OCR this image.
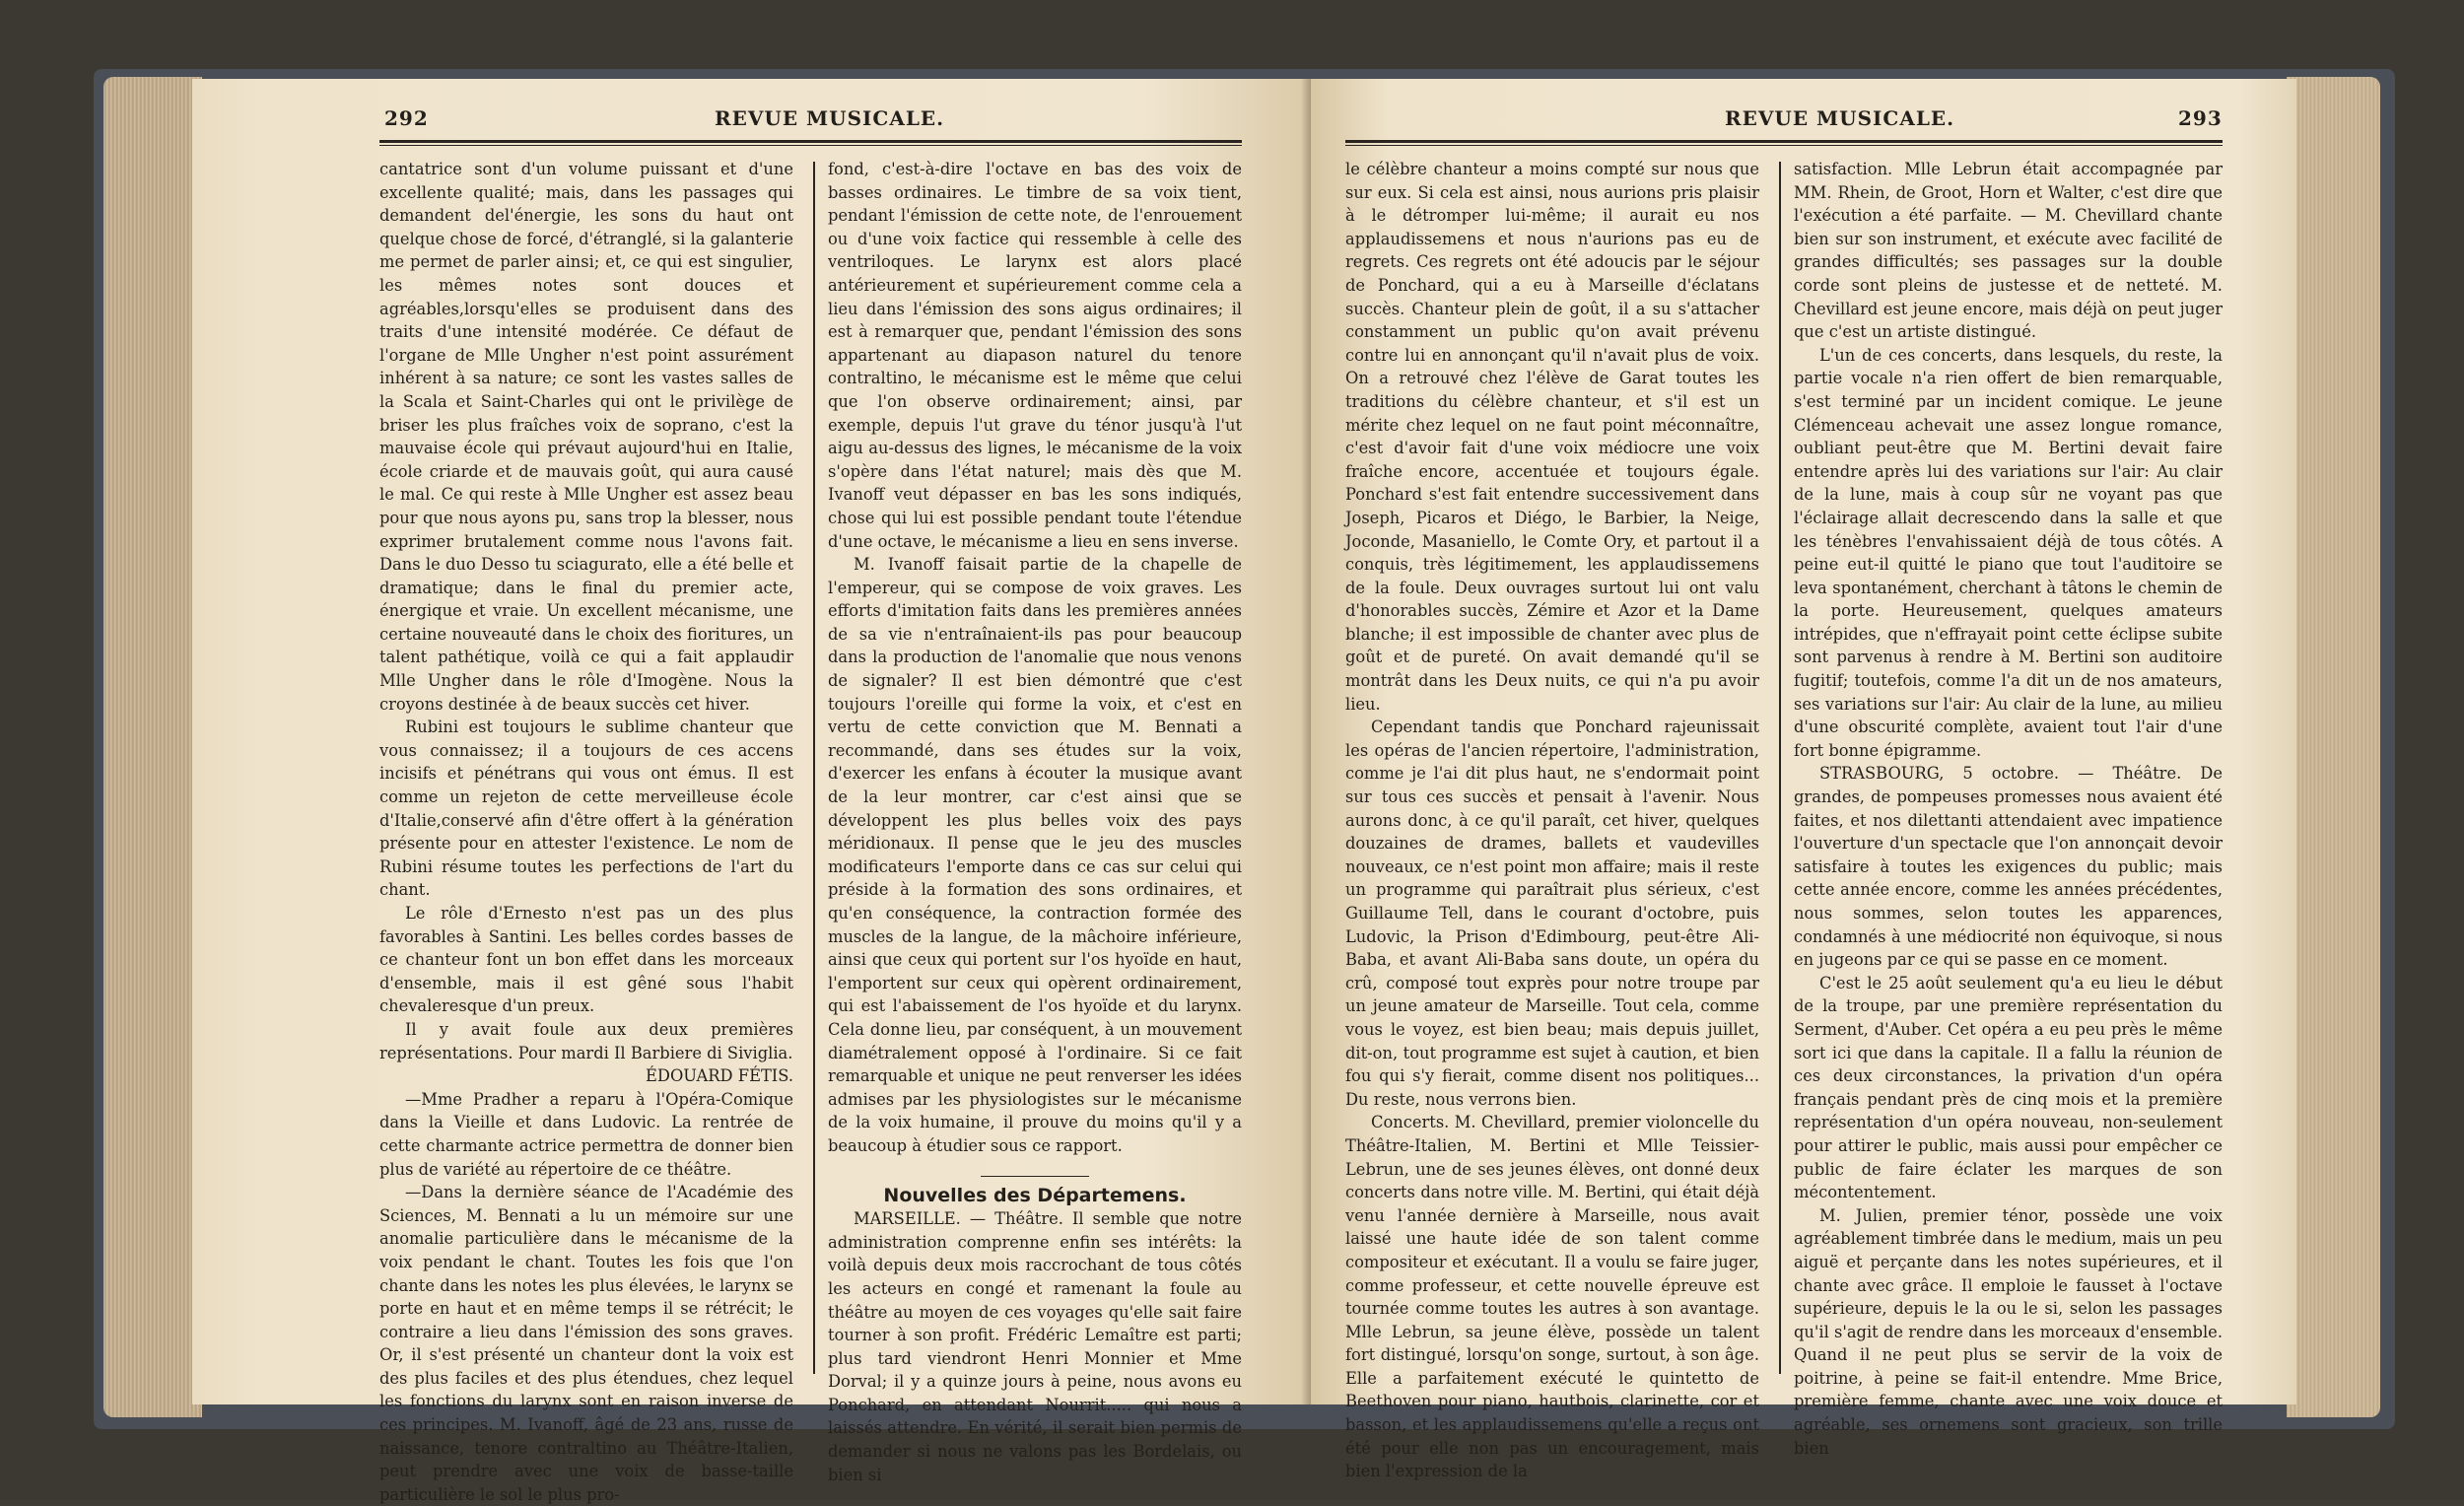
292	REVUE MUSICALE.

cantatrice sont d'un volume puissant et d'une excellente qualité; mais, dans les passages qui demandent del'énergie, les sons du haut ont quelque chose de forcé, d'étranglé, si la galanterie me permet de parler ainsi; et, ce qui est singulier, les mêmes notes sont douces et agréables,lorsqu'elles se produisent dans des traits d'une intensité modérée. Ce défaut de l'organe de Mlle Ungher n'est point assurément inhérent à sa nature; ce sont les vastes salles de la Scala et Saint-Charles qui ont le privilège de briser les plus fraîches voix de soprano, c'est la mauvaise école qui prévaut aujourd'hui en Italie, école criarde et de mauvais goût, qui aura causé le mal. Ce qui reste à Mlle Ungher est assez beau pour que nous ayons pu, sans trop la blesser, nous exprimer brutalement comme nous l'avons fait. Dans le duo Desso tu sciagurato, elle a été belle et dramatique; dans le final du premier acte, énergique et vraie. Un excellent mécanisme, une certaine nouveauté dans le choix des fioritures, un talent pathétique, voilà ce qui a fait applaudir Mlle Ungher dans le rôle d'Imogène. Nous la croyons destinée à de beaux succès cet hiver.

Rubini est toujours le sublime chanteur que vous connaissez; il a toujours de ces accens incisifs et pénétrans qui vous ont émus. Il est comme un rejeton de cette merveilleuse école d'Italie,conservé afin d'être offert à la génération présente pour en attester l'existence. Le nom de Rubini résume toutes les perfections de l'art du chant.

Le rôle d'Ernesto n'est pas un des plus favorables à Santini. Les belles cordes basses de ce chanteur font un bon effet dans les morceaux d'ensemble, mais il est gêné sous l'habit chevaleresque d'un preux.

Il y avait foule aux deux premières représentations. Pour mardi Il Barbiere di Siviglia.

ÉDOUARD FÉTIS.

—Mme Pradher a reparu à l'Opéra-Comique dans la Vieille et dans Ludovic. La rentrée de cette charmante actrice permettra de donner bien plus de variété au répertoire de ce théâtre.

—Dans la dernière séance de l'Académie des Sciences, M. Bennati a lu un mémoire sur une anomalie particulière dans le mécanisme de la voix pendant le chant. Toutes les fois que l'on chante dans les notes les plus élevées, le larynx se porte en haut et en même temps il se rétrécit; le contraire a lieu dans l'émission des sons graves. Or, il s'est présenté un chanteur dont la voix est des plus faciles et des plus étendues, chez lequel les fonctions du larynx sont en raison inverse de ces principes. M. Ivanoff, âgé de 23 ans, russe de naissance, tenore contraltino au Théâtre-Italien, peut prendre avec une voix de basse-taille particulière le sol le plus pro-

fond, c'est-à-dire l'octave en bas des voix de basses ordinaires. Le timbre de sa voix tient, pendant l'émission de cette note, de l'enrouement ou d'une voix factice qui ressemble à celle des ventriloques. Le larynx est alors placé antérieurement et supérieurement comme cela a lieu dans l'émission des sons aigus ordinaires; il est à remarquer que, pendant l'émission des sons appartenant au diapason naturel du tenore contraltino, le mécanisme est le même que celui que l'on observe ordinairement; ainsi, par exemple, depuis l'ut grave du ténor jusqu'à l'ut aigu au-dessus des lignes, le mécanisme de la voix s'opère dans l'état naturel; mais dès que M. Ivanoff veut dépasser en bas les sons indiqués, chose qui lui est possible pendant toute l'étendue d'une octave, le mécanisme a lieu en sens inverse.

M. Ivanoff faisait partie de la chapelle de l'empereur, qui se compose de voix graves. Les efforts d'imitation faits dans les premières années de sa vie n'entraînaient-ils pas pour beaucoup dans la production de l'anomalie que nous venons de signaler? Il est bien démontré que c'est toujours l'oreille qui forme la voix, et c'est en vertu de cette conviction que M. Bennati a recommandé, dans ses études sur la voix, d'exercer les enfans à écouter la musique avant de la leur montrer, car c'est ainsi que se développent les plus belles voix des pays méridionaux. Il pense que le jeu des muscles modificateurs l'emporte dans ce cas sur celui qui préside à la formation des sons ordinaires, et qu'en conséquence, la contraction formée des muscles de la langue, de la mâchoire inférieure, ainsi que ceux qui portent sur l'os hyoïde en haut, l'emportent sur ceux qui opèrent ordinairement, qui est l'abaissement de l'os hyoïde et du larynx. Cela donne lieu, par conséquent, à un mouvement diamétralement opposé à l'ordinaire. Si ce fait remarquable et unique ne peut renverser les idées admises par les physiologistes sur le mécanisme de la voix humaine, il prouve du moins qu'il y a beaucoup à étudier sous ce rapport.

Nouvelles des Départemens.

MARSEILLE. — Théâtre. Il semble que notre administration comprenne enfin ses intérêts: la voilà depuis deux mois raccrochant de tous côtés les acteurs en congé et ramenant la foule au théâtre au moyen de ces voyages qu'elle sait faire tourner à son profit. Frédéric Lemaître est parti; plus tard viendront Henri Monnier et Mme Dorval; il y a quinze jours à peine, nous avons eu Ponchard, en attendant Nourrit..... qui nous a laissés attendre. En vérité, il serait bien permis de demander si nous ne valons pas les Bordelais, ou bien si

REVUE MUSICALE.	293

le célèbre chanteur a moins compté sur nous que sur eux. Si cela est ainsi, nous aurions pris plaisir à le détromper lui-même; il aurait eu nos applaudissemens et nous n'aurions pas eu de regrets. Ces regrets ont été adoucis par le séjour de Ponchard, qui a eu à Marseille d'éclatans succès. Chanteur plein de goût, il a su s'attacher constamment un public qu'on avait prévenu contre lui en annonçant qu'il n'avait plus de voix. On a retrouvé chez l'élève de Garat toutes les traditions du célèbre chanteur, et s'il est un mérite chez lequel on ne faut point méconnaître, c'est d'avoir fait d'une voix médiocre une voix fraîche encore, accentuée et toujours égale. Ponchard s'est fait entendre successivement dans Joseph, Picaros et Diégo, le Barbier, la Neige, Joconde, Masaniello, le Comte Ory, et partout il a conquis, très légitimement, les applaudissemens de la foule. Deux ouvrages surtout lui ont valu d'honorables succès, Zémire et Azor et la Dame blanche; il est impossible de chanter avec plus de goût et de pureté. On avait demandé qu'il se montrât dans les Deux nuits, ce qui n'a pu avoir lieu.

Cependant tandis que Ponchard rajeunissait les opéras de l'ancien répertoire, l'administration, comme je l'ai dit plus haut, ne s'endormait point sur tous ces succès et pensait à l'avenir. Nous aurons donc, à ce qu'il paraît, cet hiver, quelques douzaines de drames, ballets et vaudevilles nouveaux, ce n'est point mon affaire; mais il reste un programme qui paraîtrait plus sérieux, c'est Guillaume Tell, dans le courant d'octobre, puis Ludovic, la Prison d'Edimbourg, peut-être Ali-Baba, et avant Ali-Baba sans doute, un opéra du crû, composé tout exprès pour notre troupe par un jeune amateur de Marseille. Tout cela, comme vous le voyez, est bien beau; mais depuis juillet, dit-on, tout programme est sujet à caution, et bien fou qui s'y fierait, comme disent nos politiques... Du reste, nous verrons bien.

Concerts. M. Chevillard, premier violoncelle du Théâtre-Italien, M. Bertini et Mlle Teissier-Lebrun, une de ses jeunes élèves, ont donné deux concerts dans notre ville. M. Bertini, qui était déjà venu l'année dernière à Marseille, nous avait laissé une haute idée de son talent comme compositeur et exécutant. Il a voulu se faire juger, comme professeur, et cette nouvelle épreuve est tournée comme toutes les autres à son avantage. Mlle Lebrun, sa jeune élève, possède un talent fort distingué, lorsqu'on songe, surtout, à son âge. Elle a parfaitement exécuté le quintetto de Beethoven pour piano, hautbois, clarinette, cor et basson, et les applaudissemens qu'elle a reçus ont été pour elle non pas un encouragement, mais bien l'expression de la

satisfaction. Mlle Lebrun était accompagnée par MM. Rhein, de Groot, Horn et Walter, c'est dire que l'exécution a été parfaite. — M. Chevillard chante bien sur son instrument, et exécute avec facilité de grandes difficultés; ses passages sur la double corde sont pleins de justesse et de netteté. M. Chevillard est jeune encore, mais déjà on peut juger que c'est un artiste distingué.

L'un de ces concerts, dans lesquels, du reste, la partie vocale n'a rien offert de bien remarquable, s'est terminé par un incident comique. Le jeune Clémenceau achevait une assez longue romance, oubliant peut-être que M. Bertini devait faire entendre après lui des variations sur l'air: Au clair de la lune, mais à coup sûr ne voyant pas que l'éclairage allait decrescendo dans la salle et que les ténèbres l'envahissaient déjà de tous côtés. A peine eut-il quitté le piano que tout l'auditoire se leva spontanément, cherchant à tâtons le chemin de la porte. Heureusement, quelques amateurs intrépides, que n'effrayait point cette éclipse subite sont parvenus à rendre à M. Bertini son auditoire fugitif; toutefois, comme l'a dit un de nos amateurs, ses variations sur l'air: Au clair de la lune, au milieu d'une obscurité complète, avaient tout l'air d'une fort bonne épigramme.

STRASBOURG, 5 octobre. — Théâtre. De grandes, de pompeuses promesses nous avaient été faites, et nos dilettanti attendaient avec impatience l'ouverture d'un spectacle que l'on annonçait devoir satisfaire à toutes les exigences du public; mais cette année encore, comme les années précédentes, nous sommes, selon toutes les apparences, condamnés à une médiocrité non équivoque, si nous en jugeons par ce qui se passe en ce moment.

C'est le 25 août seulement qu'a eu lieu le début de la troupe, par une première représentation du Serment, d'Auber. Cet opéra a eu peu près le même sort ici que dans la capitale. Il a fallu la réunion de ces deux circonstances, la privation d'un opéra français pendant près de cinq mois et la première représentation d'un opéra nouveau, non-seulement pour attirer le public, mais aussi pour empêcher ce public de faire éclater les marques de son mécontentement.

M. Julien, premier ténor, possède une voix agréablement timbrée dans le medium, mais un peu aiguë et perçante dans les notes supérieures, et il chante avec grâce. Il emploie le fausset à l'octave supérieure, depuis le la ou le si, selon les passages qu'il s'agit de rendre dans les morceaux d'ensemble. Quand il ne peut plus se servir de la voix de poitrine, à peine se fait-il entendre. Mme Brice, première femme, chante avec une voix douce et agréable, ses ornemens sont gracieux, son trille bien
